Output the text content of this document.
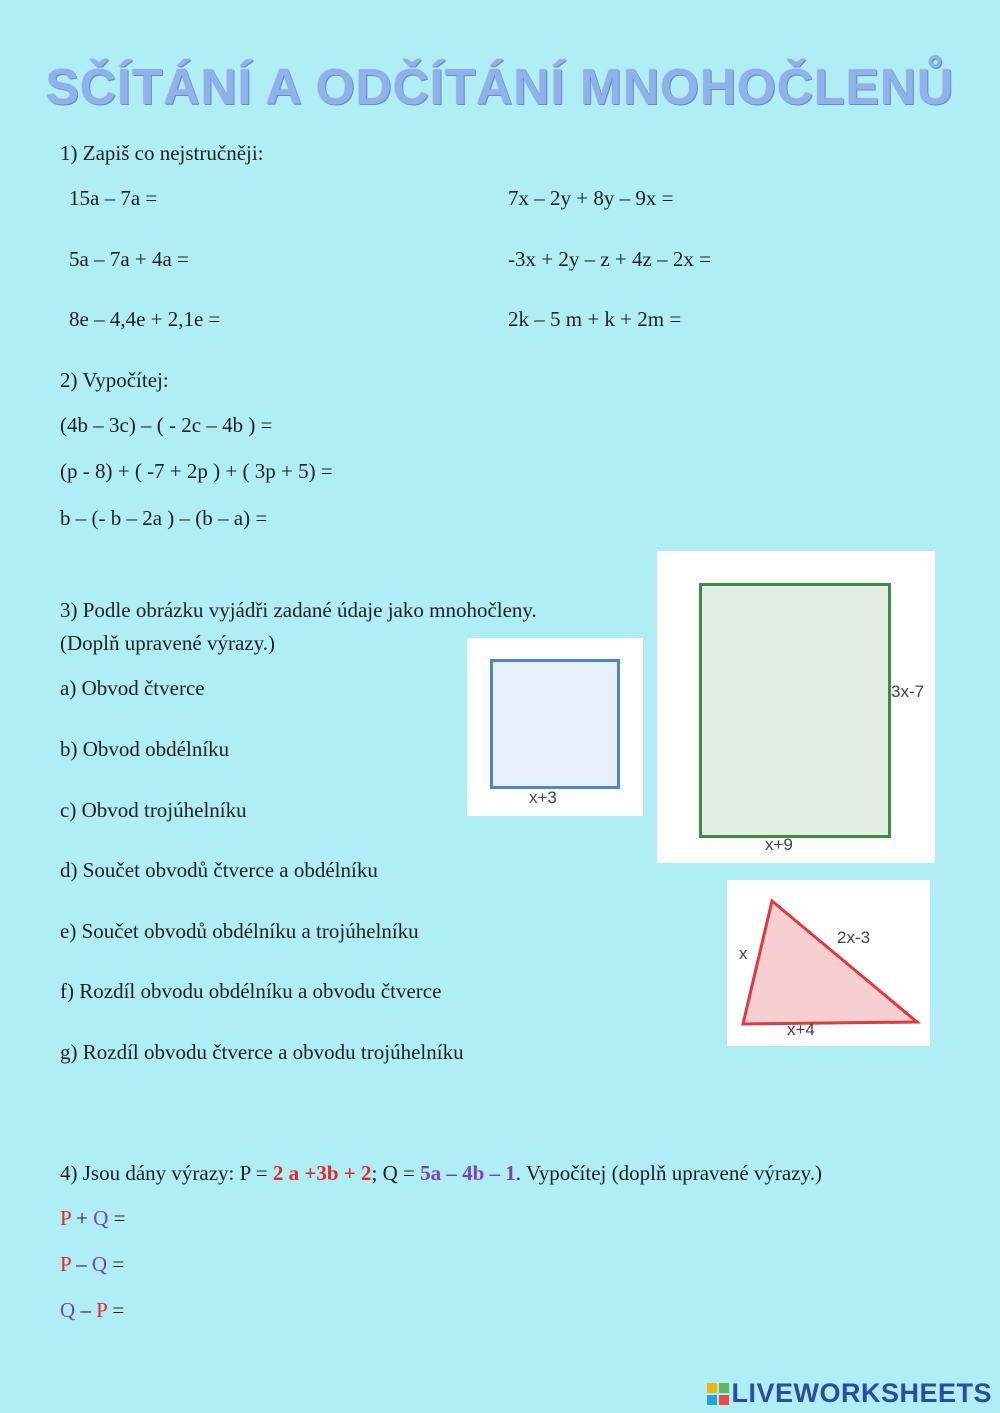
SČÍTÁNÍ A ODČÍTÁNÍ MNOHOČLENŮ
1) Zapiš co nejstručněji:
15a – 7a =
5a – 7a + 4a =
8e – 4,4e + 2,1e =
7x – 2y + 8y – 9x =
-3x + 2y – z + 4z – 2x =
2k – 5 m + k + 2m =
2) Vypočítej:
(4b – 3c) – ( - 2c – 4b ) =
(p - 8) + ( -7 + 2p ) + ( 3p + 5) =
b – (- b – 2a ) – (b – a) =
3) Podle obrázku vyjádři zadané údaje jako mnohočleny.
(Doplň upravené výrazy.)
a) Obvod čtverce
b) Obvod obdélníku
c) Obvod trojúhelníku
d) Součet obvodů čtverce a obdélníku
e) Součet obvodů obdélníku a trojúhelníku
f) Rozdíl obvodu obdélníku a obvodu čtverce
g) Rozdíl obvodu čtverce a obvodu trojúhelníku
x+3
3x-7
x+9
x
2x-3
x+4
4) Jsou dány výrazy: P = 2 a +3b + 2; Q = 5a – 4b – 1. Vypočítej (doplň upravené výrazy.)
P + Q =
P – Q =
Q – P =
LIVEWORKSHEETS
